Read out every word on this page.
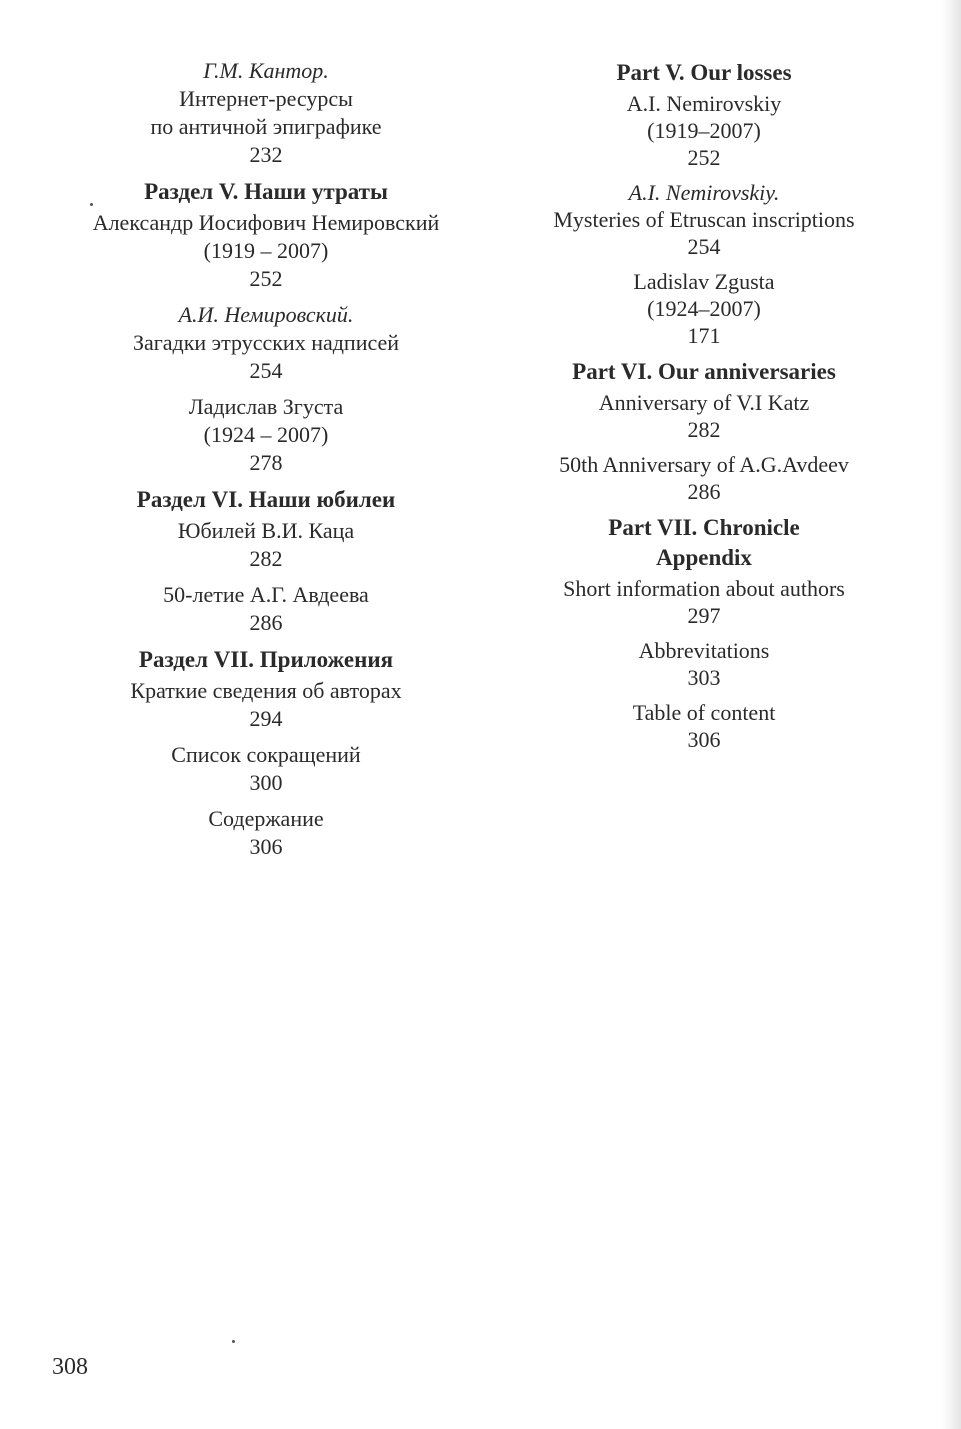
Г.М. Кантор.

Интернет-ресурсы

по античной эпиграфике

232

Раздел V. Наши утраты

Александр Иосифович Немировский

(1919 – 2007)

252

А.И. Немировский.

Загадки этрусских надписей

254

Ладислав Згуста

(1924 – 2007)

278

Раздел VI. Наши юбилеи

Юбилей В.И. Каца

282

50-летие А.Г. Авдеева

286

Раздел VII. Приложения

Краткие сведения об авторах

294

Список сокращений

300

Содержание

306

Part V. Our losses

A.I. Nemirovskiy

(1919–2007)

252

A.I. Nemirovskiy.

Mysteries of Etruscan inscriptions

254

Ladislav Zgusta

(1924–2007)

171

Part VI. Our anniversaries

Anniversary of V.I Katz

282

50th Anniversary of A.G.Avdeev

286

Part VII. Chronicle

Appendix

Short information about authors

297

Abbrevitations

303

Table of content

306
308
